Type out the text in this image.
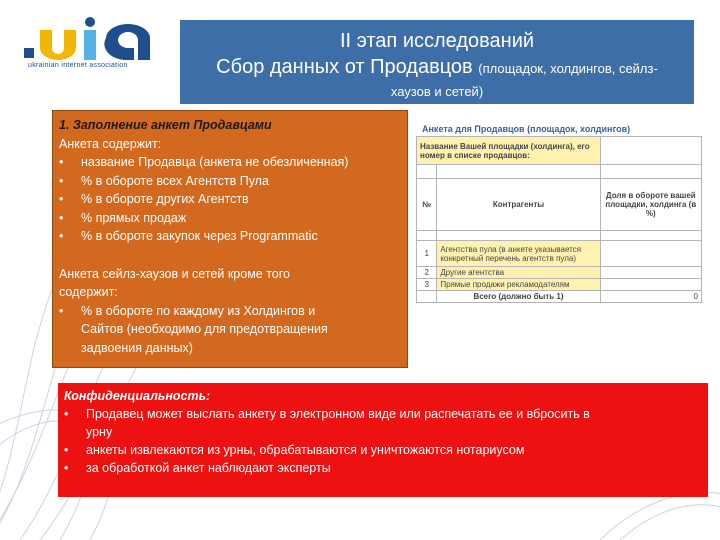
ukrainian internet association
II этап исследований
Сбор данных от Продавцов (площадок, холдингов, сейлз-
хаузов и сетей)
1. Заполнение анкет Продавцами
Анкета содержит:
• название Продавца (анкета не обезличенная)
• % в обороте всех Агентств Пула
• % в обороте других Агентств
• % прямых продаж
• % в обороте закупок через Programmatic
Анкета сейлз-хаузов и сетей кроме того
содержит:
• % в обороте по каждому из Холдингов и
Сайтов (необходимо для предотвращения
задвоения данных)
Анкета для Продавцов (площадок, холдингов)
Название Вашей площадки (холдинга), его номер в списке продавцов:		

№	Контрагенты	Доля в обороте вашей площадки, холдинга (в %)

1	Агентства пула (в анкете указывается конкретный перечень агентств пула)	
2	Другие агентства	
3	Прямые продажи рекламодателям	
	Всего (должно быть 1)	0
Конфиденциальность:
• Продавец может выслать анкету в электронном виде или распечатать ее и вбросить в
урну
• анкеты извлекаются из урны, обрабатываются и уничтожаются нотариусом
• за обработкой анкет наблюдают эксперты
